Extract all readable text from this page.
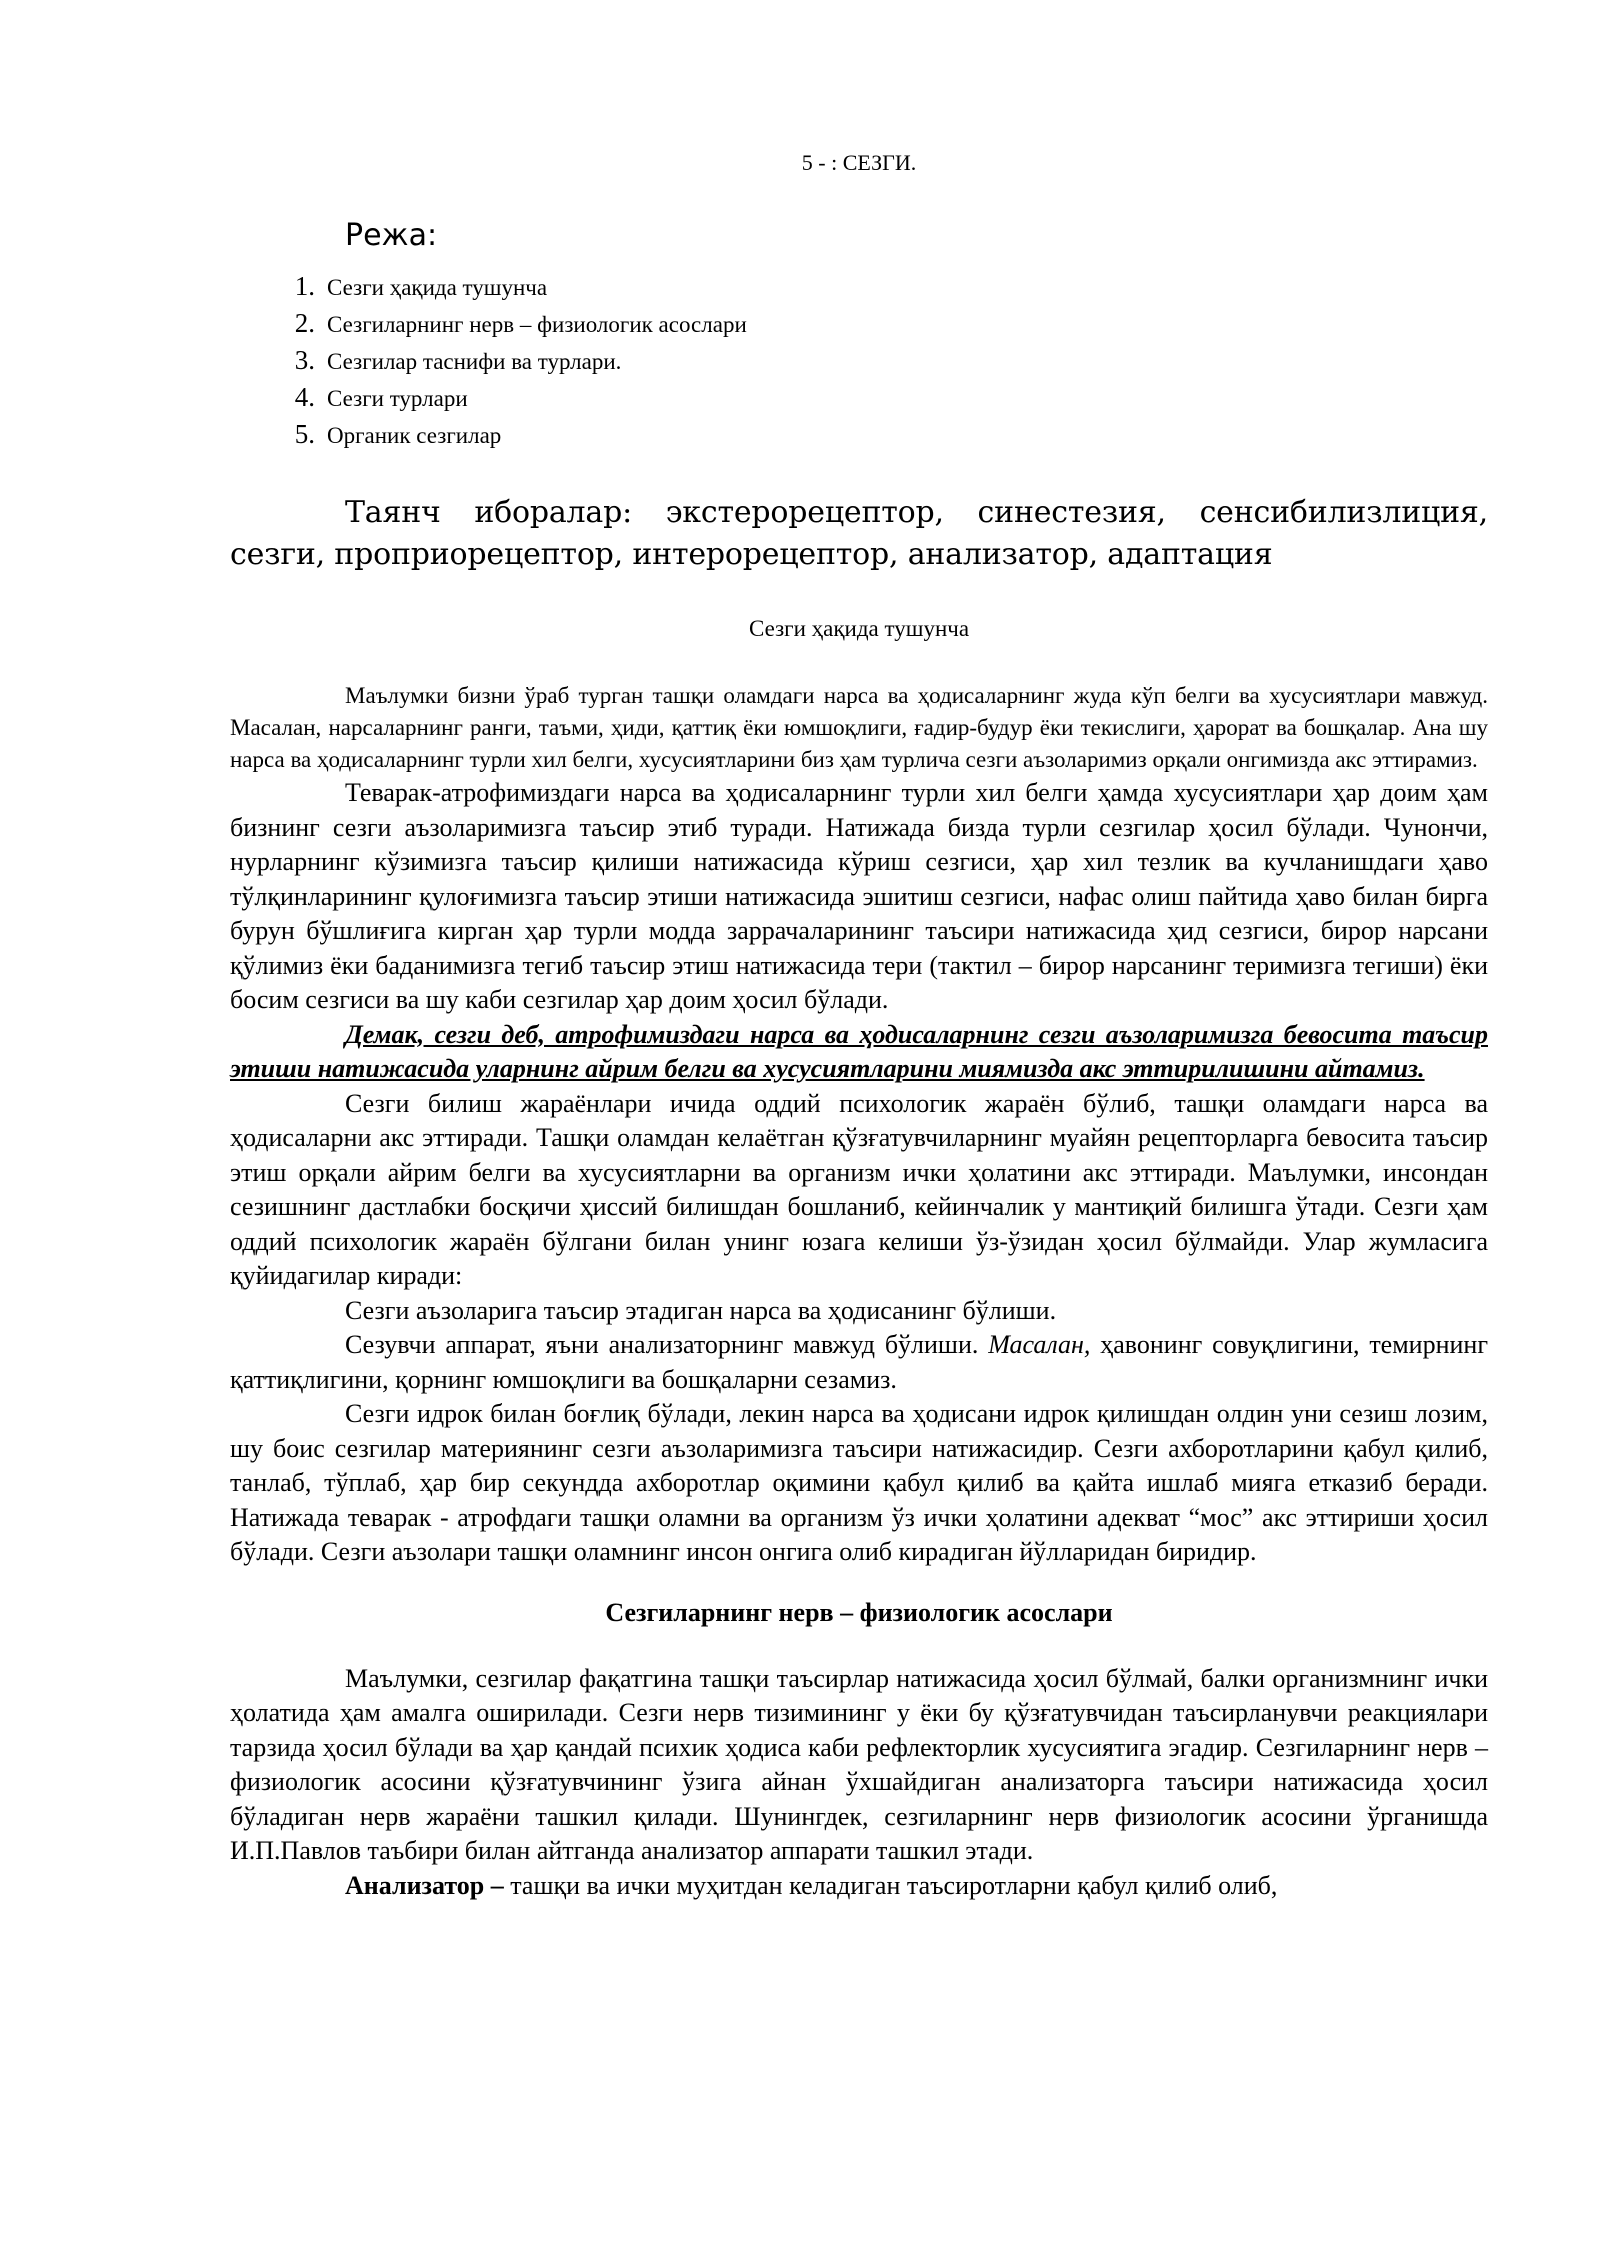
5 - : СЕЗГИ.
Режа:
1. Сезги ҳақида тушунча
2. Сезгиларнинг нерв – физиологик асослари
3. Сезгилар таснифи ва турлари.
4. Сезги турлари
5. Органик сезгилар

Таянч иборалар: экстерорецептор, синестезия, сенсибилизлиция, сезги, проприорецептор, интерорецептор, анализатор, адаптация

Сезги ҳақида тушунча

Маълумки бизни ўраб турган ташқи оламдаги нарса ва ҳодисаларнинг жуда кўп белги ва хусусиятлари мавжуд. Масалан, нарсаларнинг ранги, таъми, ҳиди, қаттиқ ёки юмшоқлиги, ғадир-будур ёки текислиги, ҳарорат ва бошқалар. Ана шу нарса ва ҳодисаларнинг турли хил белги, хусусиятларини биз ҳам турлича сезги аъзоларимиз орқали онгимизда акс эттирамиз.

Теварак-атрофимиздаги нарса ва ҳодисаларнинг турли хил белги ҳамда хусусиятлари ҳар доим ҳам бизнинг сезги аъзоларимизга таъсир этиб туради. Натижада бизда турли сезгилар ҳосил бўлади. Чунончи, нурларнинг кўзимизга таъсир қилиши натижасида кўриш сезгиси, ҳар хил тезлик ва кучланишдаги ҳаво тўлқинларининг қулоғимизга таъсир этиши натижасида эшитиш сезгиси, нафас олиш пайтида ҳаво билан бирга бурун бўшлиғига кирган ҳар турли модда заррачаларининг таъсири натижасида ҳид сезгиси, бирор нарсани қўлимиз ёки баданимизга тегиб таъсир этиш натижасида тери (тактил – бирор нарсанинг теримизга тегиши) ёки босим сезгиси ва шу каби сезгилар ҳар доим ҳосил бўлади.

Демак, сезги деб, атрофимиздаги нарса ва ҳодисаларнинг сезги аъзоларимизга бевосита таъсир этиши натижасида уларнинг айрим белги ва хусусиятларини миямизда акс эттирилишини айтамиз.

Сезги билиш жараёнлари ичида оддий психологик жараён бўлиб, ташқи оламдаги нарса ва ҳодисаларни акс эттиради. Ташқи оламдан келаётган қўзғатувчиларнинг муайян рецепторларга бевосита таъсир этиш орқали айрим белги ва хусусиятларни ва организм ички ҳолатини акс эттиради. Маълумки, инсондан сезишнинг дастлабки босқичи ҳиссий билишдан бошланиб, кейинчалик у мантиқий билишга ўтади. Сезги ҳам оддий психологик жараён бўлгани билан унинг юзага келиши ўз-ўзидан ҳосил бўлмайди. Улар жумласига қуйидагилар киради:

Сезги аъзоларига таъсир этадиган нарса ва ҳодисанинг бўлиши.

Сезувчи аппарат, яъни анализаторнинг мавжуд бўлиши. Масалан, ҳавонинг совуқлигини, темирнинг қаттиқлигини, қорнинг юмшоқлиги ва бошқаларни сезамиз.

Сезги идрок билан боғлиқ бўлади, лекин нарса ва ҳодисани идрок қилишдан олдин уни сезиш лозим, шу боис сезгилар материянинг сезги аъзоларимизга таъсири натижасидир. Сезги ахборотларини қабул қилиб, танлаб, тўплаб, ҳар бир секундда ахборотлар оқимини қабул қилиб ва қайта ишлаб мияга етказиб беради. Натижада теварак - атрофдаги ташқи оламни ва организм ўз ички ҳолатини адекват “мос” акс эттириши ҳосил бўлади. Сезги аъзолари ташқи оламнинг инсон онгига олиб кирадиган йўлларидан биридир.

Сезгиларнинг нерв – физиологик асослари

Маълумки, сезгилар фақатгина ташқи таъсирлар натижасида ҳосил бўлмай, балки организмнинг ички ҳолатида ҳам амалга оширилади. Сезги нерв тизимининг у ёки бу қўзғатувчидан таъсирланувчи реакциялари тарзида ҳосил бўлади ва ҳар қандай психик ҳодиса каби рефлекторлик хусусиятига эгадир. Сезгиларнинг нерв – физиологик асосини қўзғатувчининг ўзига айнан ўхшайдиган анализаторга таъсири натижасида ҳосил бўладиган нерв жараёни ташкил қилади. Шунингдек, сезгиларнинг нерв физиологик асосини ўрганишда И.П.Павлов таъбири билан айтганда анализатор аппарати ташкил этади.

Анализатор – ташқи ва ички муҳитдан келадиган таъсиротларни қабул қилиб олиб,
